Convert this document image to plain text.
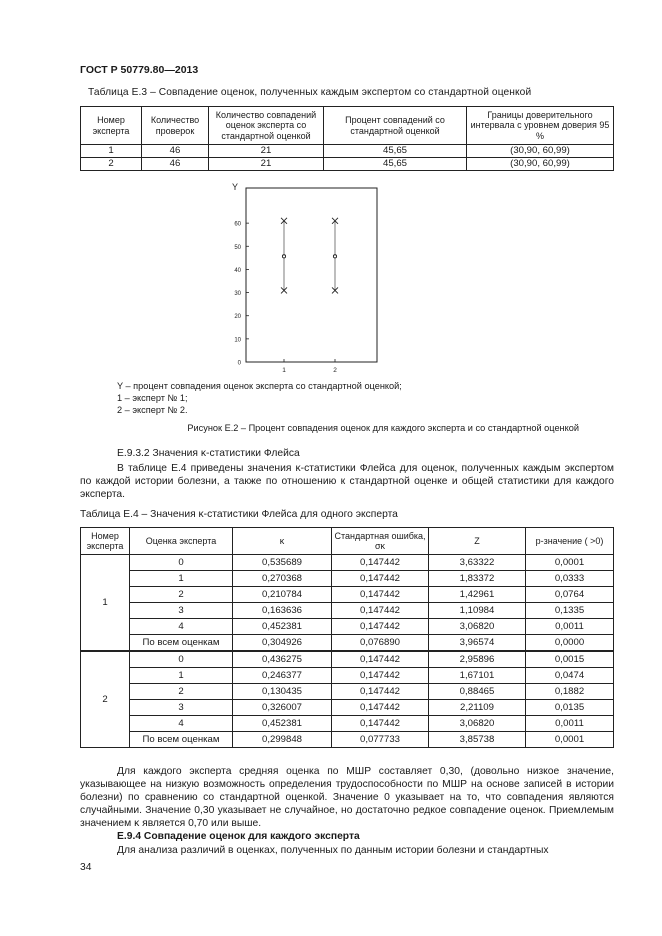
ГОСТ Р 50779.80—2013
Таблица Е.3 – Совпадение оценок, полученных каждым экспертом со стандартной оценкой
Номер эксперта	Количество проверок	Количество совпадений оценок эксперта со стандартной оценкой	Процент совпадений со стандартной оценкой	Границы доверительного интервала с уровнем доверия 95 %
1	46	21	45,65	(30,90, 60,99)
2	46	21	45,65	(30,90, 60,99)
Y
0
10
20
30
40
50
60
1	2
Y – процент совпадения оценок эксперта со стандартной оценкой;
1 – эксперт № 1;
2 – эксперт № 2.
Рисунок Е.2 – Процент совпадения оценок для каждого эксперта и со стандартной оценкой
Е.9.3.2 Значения κ-статистики Флейса
В таблице Е.4 приведены значения κ-статистики Флейса для оценок, полученных каждым экспертом по каждой истории болезни, а также по отношению к стандартной оценке и общей статистики для каждого эксперта.
Таблица Е.4 – Значения κ-статистики Флейса для одного эксперта
Номер эксперта	Оценка эксперта	κ	Стандартная ошибка, σκ	Z	p-значение ( >0)
1	0	0,535689	0,147442	3,63322	0,0001
	1	0,270368	0,147442	1,83372	0,0333
	2	0,210784	0,147442	1,42961	0,0764
	3	0,163636	0,147442	1,10984	0,1335
	4	0,452381	0,147442	3,06820	0,0011
	По всем оценкам	0,304926	0,076890	3,96574	0,0000
2	0	0,436275	0,147442	2,95896	0,0015
	1	0,246377	0,147442	1,67101	0,0474
	2	0,130435	0,147442	0,88465	0,1882
	3	0,326007	0,147442	2,21109	0,0135
	4	0,452381	0,147442	3,06820	0,0011
	По всем оценкам	0,299848	0,077733	3,85738	0,0001
Для каждого эксперта средняя оценка по МШР составляет 0,30, (довольно низкое значение, указывающее на низкую возможность определения трудоспособности по МШР на основе записей в истории болезни) по сравнению со стандартной оценкой. Значение 0 указывает на то, что совпадения являются случайными. Значение 0,30 указывает не случайное, но достаточно редкое совпадение оценок. Приемлемым значением κ является 0,70 или выше.
Е.9.4 Совпадение оценок для каждого эксперта
Для анализа различий в оценках, полученных по данным истории болезни и стандартных
34
